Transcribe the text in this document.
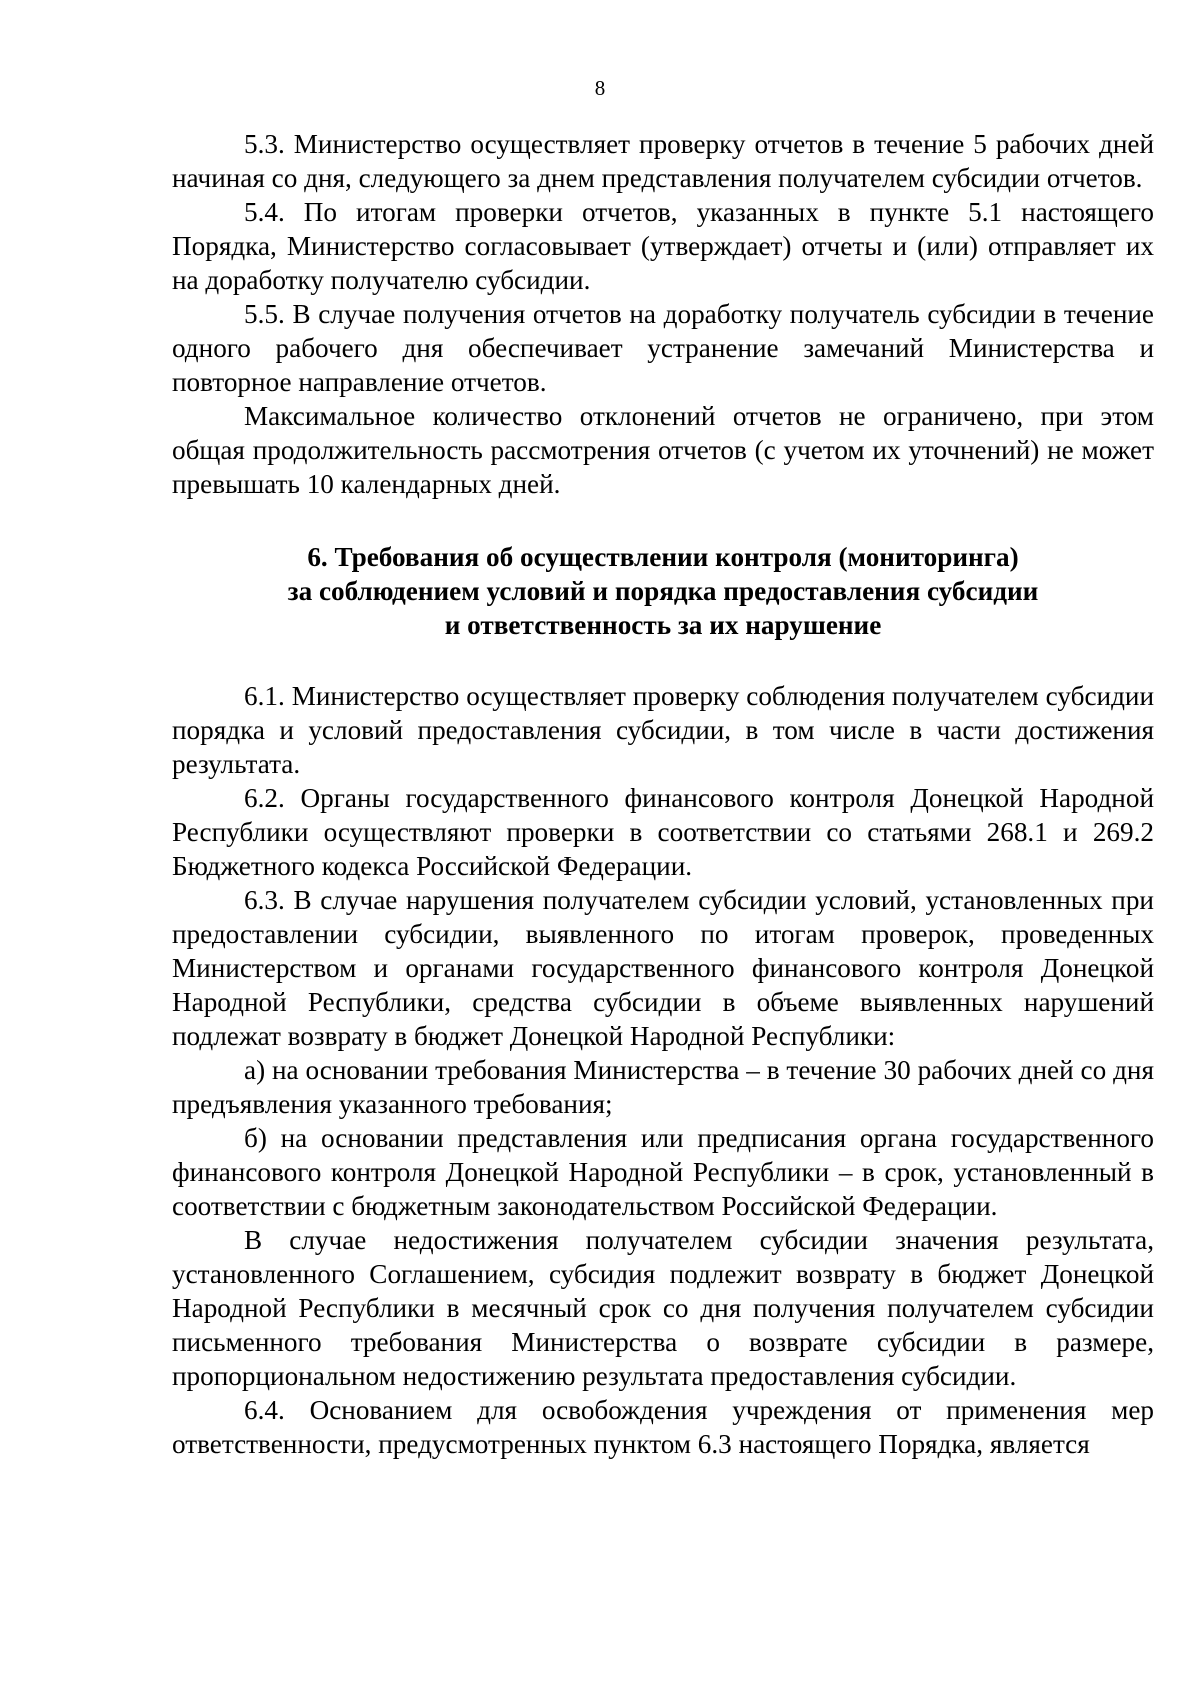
8

5.3. Министерство осуществляет проверку отчетов в течение 5 рабочих дней начиная со дня, следующего за днем представления получателем субсидии отчетов.

5.4. По итогам проверки отчетов, указанных в пункте 5.1 настоящего Порядка, Министерство согласовывает (утверждает) отчеты и (или) отправляет их на доработку получателю субсидии.

5.5. В случае получения отчетов на доработку получатель субсидии в течение одного рабочего дня обеспечивает устранение замечаний Министерства и повторное направление отчетов.

Максимальное количество отклонений отчетов не ограничено, при этом общая продолжительность рассмотрения отчетов (с учетом их уточнений) не может превышать 10 календарных дней.

6. Требования об осуществлении контроля (мониторинга)
за соблюдением условий и порядка предоставления субсидии
и ответственность за их нарушение

6.1. Министерство осуществляет проверку соблюдения получателем субсидии порядка и условий предоставления субсидии, в том числе в части достижения результата.

6.2. Органы государственного финансового контроля Донецкой Народной Республики осуществляют проверки в соответствии со статьями 268.1 и 269.2 Бюджетного кодекса Российской Федерации.

6.3. В случае нарушения получателем субсидии условий, установленных при предоставлении субсидии, выявленного по итогам проверок, проведенных Министерством и органами государственного финансового контроля Донецкой Народной Республики, средства субсидии в объеме выявленных нарушений подлежат возврату в бюджет Донецкой Народной Республики:

а) на основании требования Министерства – в течение 30 рабочих дней со дня предъявления указанного требования;

б) на основании представления или предписания органа государственного финансового контроля Донецкой Народной Республики – в срок, установленный в соответствии с бюджетным законодательством Российской Федерации.

В случае недостижения получателем субсидии значения результата, установленного Соглашением, субсидия подлежит возврату в бюджет Донецкой Народной Республики в месячный срок со дня получения получателем субсидии письменного требования Министерства о возврате субсидии в размере, пропорциональном недостижению результата предоставления субсидии.

6.4. Основанием для освобождения учреждения от применения мер ответственности, предусмотренных пунктом 6.3 настоящего Порядка, является
